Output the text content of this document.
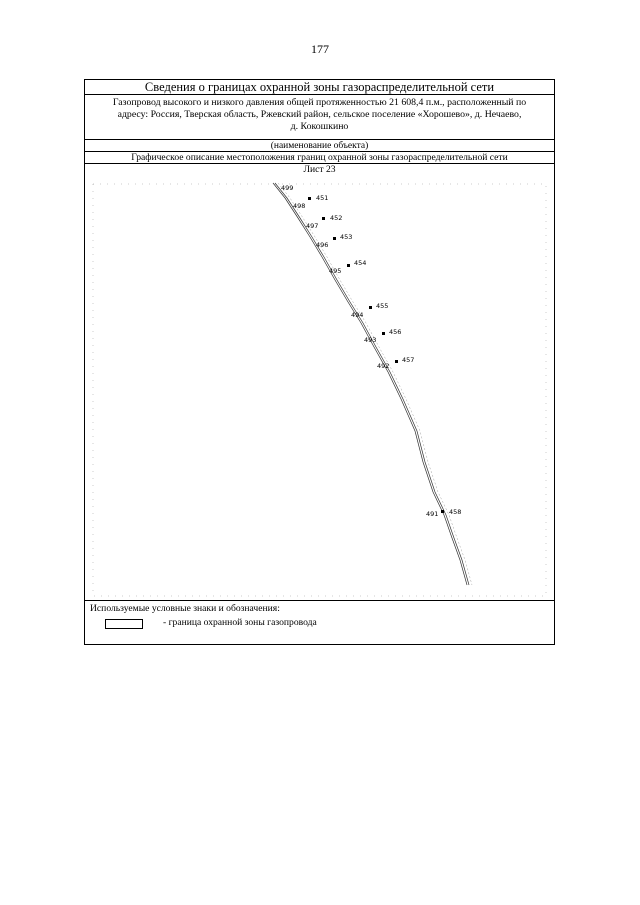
177
Сведения о границах охранной зоны газораспределительной сети
Газопровод высокого и низкого давления общей протяженностью 21 608,4 п.м., расположенный по
адресу: Россия, Тверская область, Ржевский район, сельское поселение «Хорошево», д. Нечаево,
д. Кокошкино
(наименование объекта)
Графическое описание местоположения границ охранной зоны газораспределительной сети
Лист 23
499
498
497
496
495
494
493
492
491
451
452
453
454
455
456
457
458
Используемые условные знаки и обозначения:
- граница охранной зоны газопровода
